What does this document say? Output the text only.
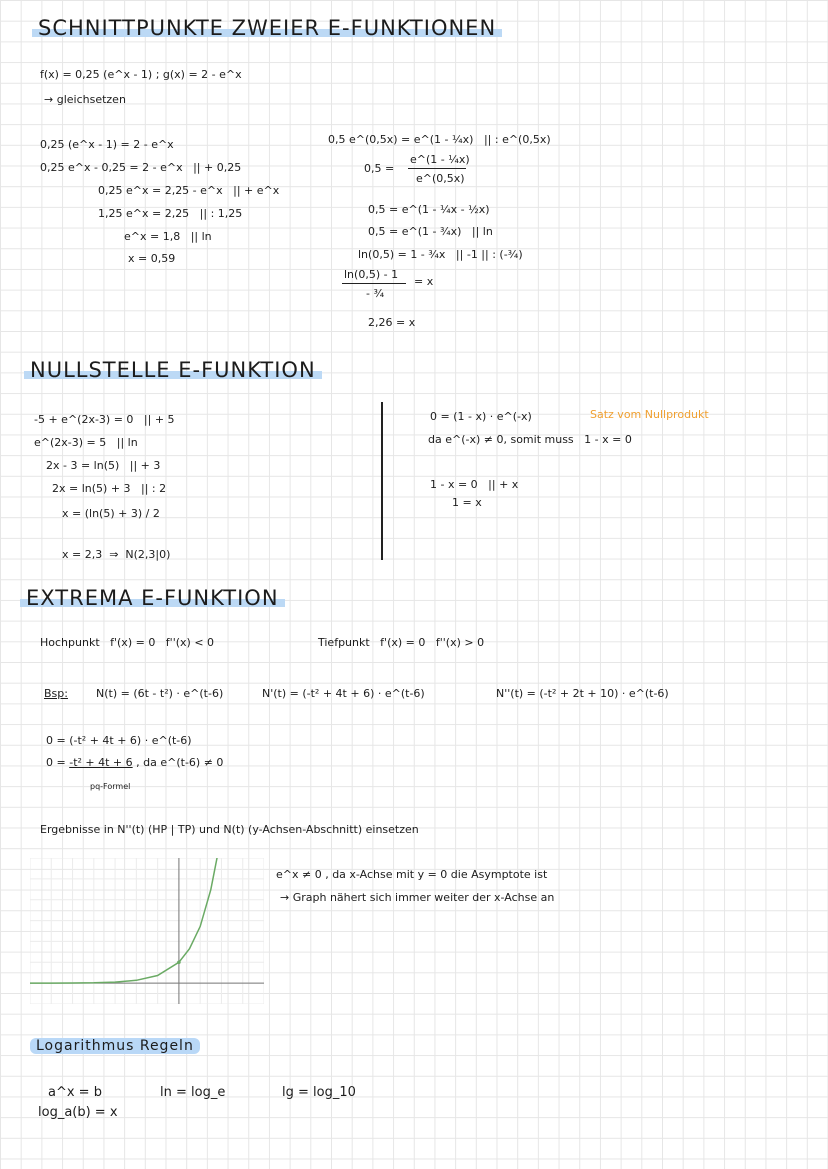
SCHNITTPUNKTE ZWEIER E-FUNKTIONEN
f(x) = 0,25 (e^x - 1) ; g(x) = 2 - e^x
→ gleichsetzen
0,25 (e^x - 1) = 2 - e^x
0,25 e^x - 0,25 = 2 - e^x   || + 0,25
0,25 e^x = 2,25 - e^x   || + e^x
1,25 e^x = 2,25   || : 1,25
e^x = 1,8   || ln
x = 0,59
0,5 e^(0,5x) = e^(1 - ¼x)   || : e^(0,5x)
0,5 =
e^(1 - ¼x)
e^(0,5x)
0,5 = e^(1 - ¼x - ½x)
0,5 = e^(1 - ¾x)   || ln
ln(0,5) = 1 - ¾x   || -1 || : (-¾)
ln(0,5) - 1
- ¾
= x
2,26 = x
NULLSTELLE E-FUNKTION
-5 + e^(2x-3) = 0   || + 5
e^(2x-3) = 5   || ln
2x - 3 = ln(5)   || + 3
2x = ln(5) + 3   || : 2
x = (ln(5) + 3) / 2
x = 2,3  ⇒  N(2,3|0)
0 = (1 - x) · e^(-x)	Satz vom Nullprodukt
da e^(-x) ≠ 0, somit muss   1 - x = 0
1 - x = 0   || + x
1 = x
EXTREMA E-FUNKTION
Hochpunkt   f'(x) = 0   f''(x) < 0	Tiefpunkt   f'(x) = 0   f''(x) > 0
Bsp:	N(t) = (6t - t²) · e^(t-6)	N'(t) = (-t² + 4t + 6) · e^(t-6)	N''(t) = (-t² + 2t + 10) · e^(t-6)
0 = (-t² + 4t + 6) · e^(t-6)
0 = -t² + 4t + 6 , da e^(t-6) ≠ 0
pq-Formel
Ergebnisse in N''(t) (HP | TP) und N(t) (y-Achsen-Abschnitt) einsetzen
e^x ≠ 0 , da x-Achse mit y = 0 die Asymptote ist
→ Graph nähert sich immer weiter der x-Achse an
Logarithmus Regeln
a^x = b
log_a(b) = x
ln = log_e	lg = log_10
